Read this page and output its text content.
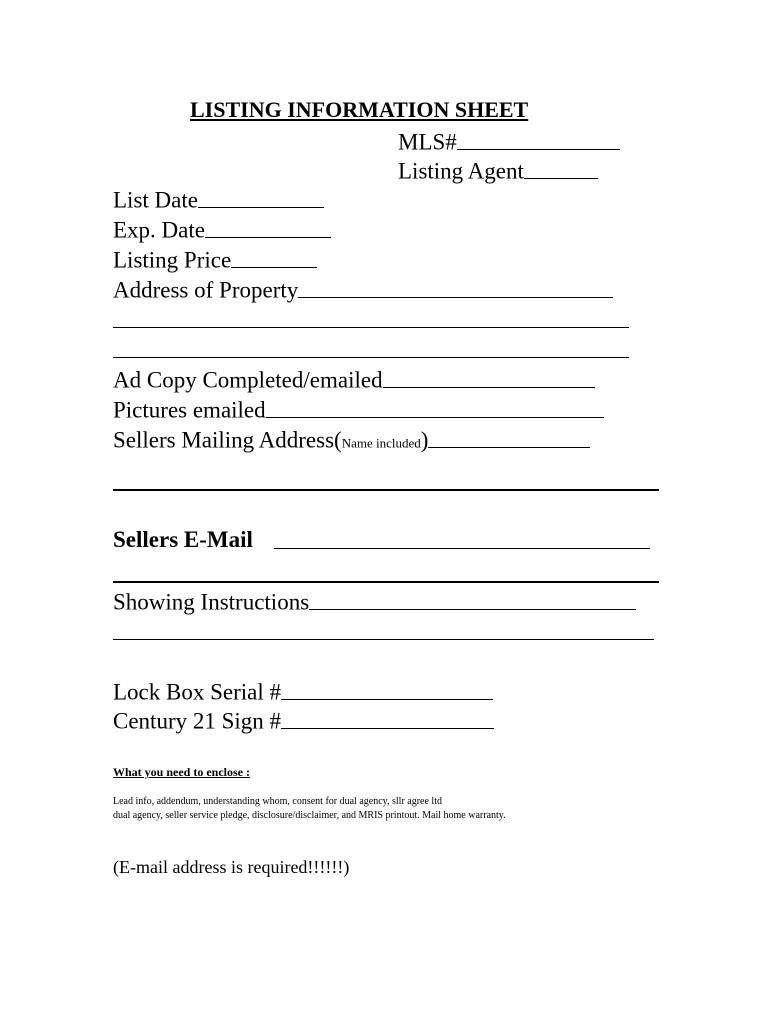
LISTING INFORMATION SHEET
MLS#
Listing Agent
List Date
Exp. Date
Listing Price
Address of Property
Ad Copy Completed/emailed
Pictures emailed
Sellers Mailing Address(Name included)
Sellers E-Mail
Showing Instructions
Lock Box Serial #
Century 21 Sign #
What you need to enclose :
Lead info, addendum, understanding whom, consent for dual agency, sllr agree ltd
dual agency, seller service pledge, disclosure/disclaimer, and MRIS printout. Mail home warranty.
(E-mail address is required!!!!!!)
